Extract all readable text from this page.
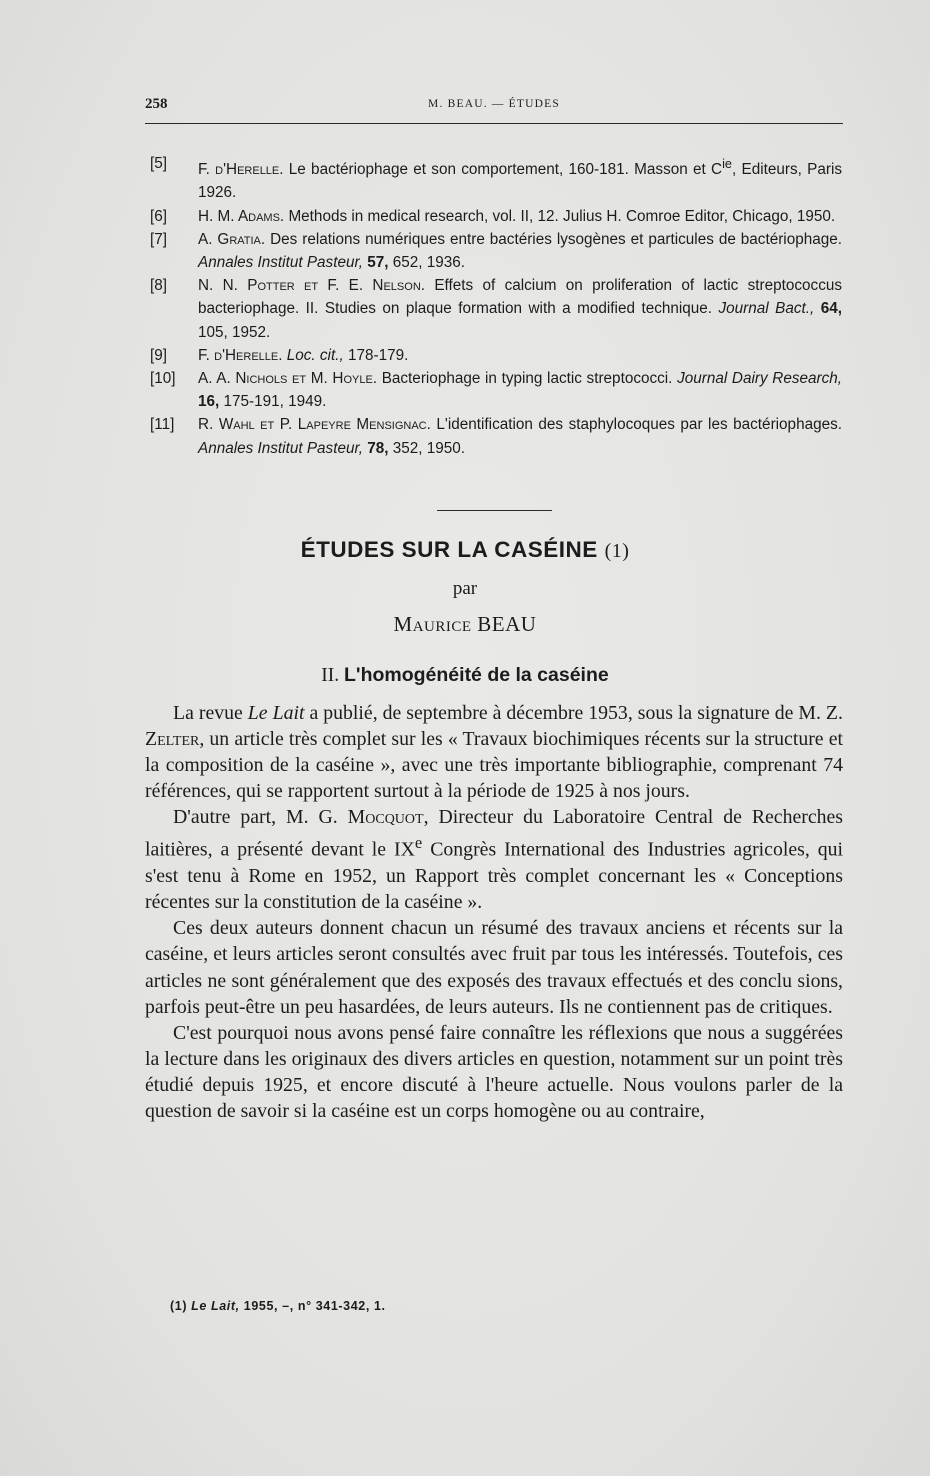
258	M. BEAU. — ÉTUDES
[5] F. d'Herelle. Le bactériophage et son comportement, 160-181. Masson et $C^{ie}$, Editeurs, Paris 1926.
[6] H. M. Adams. Methods in medical research, vol. II, 12. Julius H. Comroe Editor, Chicago, 1950.
[7] A. Gratia. Des relations numériques entre bactéries lysogènes et particules de bactériophage. Annales Institut Pasteur, 57, 652, 1936.
[8] N. N. Potter et F. E. Nelson. Effets of calcium on proliferation of lactic streptococcus bacteriophage. II. Studies on plaque formation with a modified technique. Journal Bact., 64, 105, 1952.
[9] F. d'Herelle. Loc. cit., 178-179.
[10] A. A. Nichols et M. Hoyle. Bacteriophage in typing lactic streptococci. Journal Dairy Research, 16, 175-191, 1949.
[11] R. Wahl et P. Lapeyre Mensignac. L'identification des staphylocoques par les bactériophages. Annales Institut Pasteur, 78, 352, 1950.
ÉTUDES SUR LA CASÉINE (1)
par
Maurice BEAU
II. L'homogénéité de la caséine

La revue Le Lait a publié, de septembre à décembre 1953, sous la signature de M. Z. Zelter, un article très complet sur les « Travaux biochimiques récents sur la structure et la composition de la caséine », avec une très importante bibliographie, comprenant 74 références, qui se rapportent surtout à la période de 1925 à nos jours.

D'autre part, M. G. Mocquot, Directeur du Laboratoire Central de Recherches laitières, a présenté devant le IXe Congrès International des Industries agricoles, qui s'est tenu à Rome en 1952, un Rapport très complet concernant les « Conceptions récentes sur la constitution de la caséine ».

Ces deux auteurs donnent chacun un résumé des travaux anciens et récents sur la caséine, et leurs articles seront consultés avec fruit par tous les intéressés. Toutefois, ces articles ne sont généralement que des exposés des travaux effectués et des conclu sions, parfois peut-être un peu hasardées, de leurs auteurs. Ils ne contiennent pas de critiques.

C'est pourquoi nous avons pensé faire connaître les réflexions que nous a suggérées la lecture dans les originaux des divers articles en question, notamment sur un point très étudié depuis 1925, et encore discuté à l'heure actuelle. Nous voulons parler de la question de savoir si la caséine est un corps homogène ou au contraire,

(1) Le Lait, 1955, –, n° 341-342, 1.
